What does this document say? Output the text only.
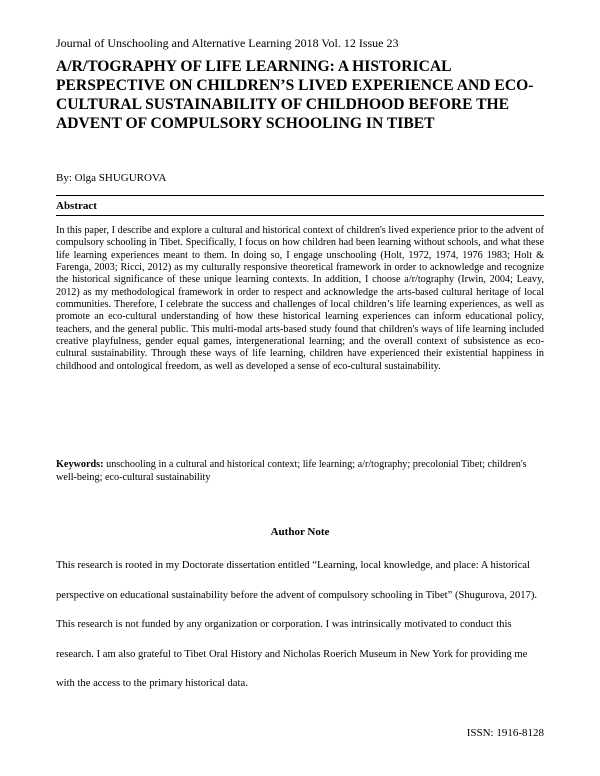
Journal of Unschooling and Alternative Learning 2018 Vol. 12 Issue 23
A/R/TOGRAPHY OF LIFE LEARNING: A HISTORICAL PERSPECTIVE ON CHILDREN’S LIVED EXPERIENCE AND ECO-CULTURAL SUSTAINABILITY OF CHILDHOOD BEFORE THE ADVENT OF COMPULSORY SCHOOLING IN TIBET
By: Olga SHUGUROVA
Abstract

In this paper, I describe and explore a cultural and historical context of children's lived experience prior to the advent of compulsory schooling in Tibet. Specifically, I focus on how children had been learning without schools, and what these life learning experiences meant to them. In doing so, I engage unschooling (Holt, 1972, 1974, 1976 1983; Holt & Farenga, 2003; Ricci, 2012) as my culturally responsive theoretical framework in order to acknowledge and recognize the historical significance of these unique learning contexts. In addition, I choose a/r/tography (Irwin, 2004; Leavy, 2012) as my methodological framework in order to respect and acknowledge the arts-based cultural heritage of local communities. Therefore, I celebrate the success and challenges of local children’s life learning experiences, as well as promote an eco-cultural understanding of how these historical learning experiences can inform educational policy, teachers, and the general public. This multi-modal arts-based study found that children's ways of life learning included creative playfulness, gender equal games, intergenerational learning; and the overall context of subsistence as eco-cultural sustainability. Through these ways of life learning, children have experienced their existential happiness in childhood and ontological freedom, as well as developed a sense of eco-cultural sustainability.

Keywords: unschooling in a cultural and historical context; life learning; a/r/tography; precolonial Tibet; children's well-being; eco-cultural sustainability

Author Note

This research is rooted in my Doctorate dissertation entitled “Learning, local knowledge, and place: A historical perspective on educational sustainability before the advent of compulsory schooling in Tibet” (Shugurova, 2017). This research is not funded by any organization or corporation. I was intrinsically motivated to conduct this research. I am also grateful to Tibet Oral History and Nicholas Roerich Museum in New York for providing me with the access to the primary historical data.

ISSN: 1916-8128
